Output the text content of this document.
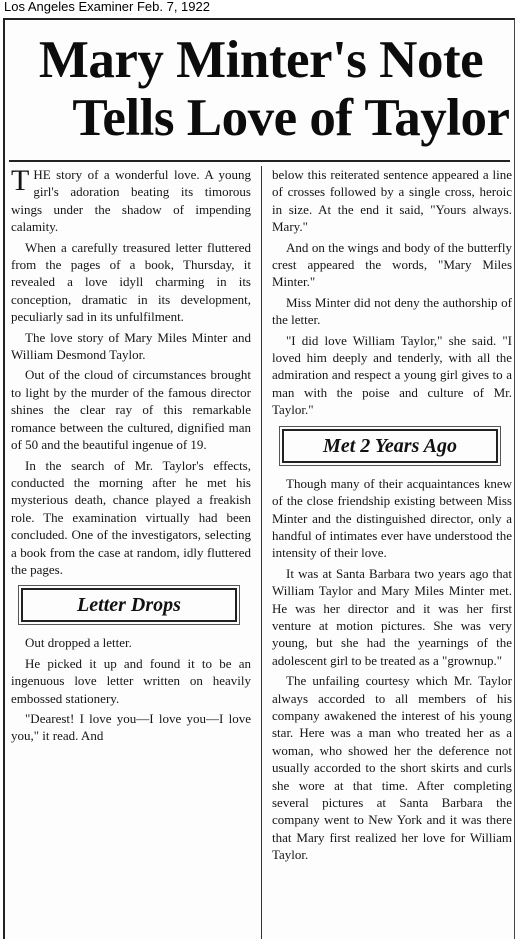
Los Angeles Examiner Feb. 7, 1922
Mary Minter's Note
Tells Love of Taylor

THE story of a wonderful love. A young girl's adoration beating its timorous wings under the shadow of impending calamity.

When a carefully treasured letter fluttered from the pages of a book, Thursday, it revealed a love idyll charming in its conception, dramatic in its development, peculiarly sad in its unfulfilment.

The love story of Mary Miles Minter and William Desmond Taylor.

Out of the cloud of circumstances brought to light by the murder of the famous director shines the clear ray of this remarkable romance between the cultured, dignified man of 50 and the beautiful ingenue of 19.

In the search of Mr. Taylor's effects, conducted the morning after he met his mysterious death, chance played a freakish role. The examination virtually had been concluded. One of the investigators, selecting a book from the case at random, idly fluttered the pages.

Letter Drops

Out dropped a letter.

He picked it up and found it to be an ingenuous love letter written on heavily embossed stationery.

"Dearest! I love you—I love you—I love you," it read. And

below this reiterated sentence appeared a line of crosses followed by a single cross, heroic in size. At the end it said, "Yours always. Mary."

And on the wings and body of the butterfly crest appeared the words, "Mary Miles Minter."

Miss Minter did not deny the authorship of the letter.

"I did love William Taylor," she said. "I loved him deeply and tenderly, with all the admiration and respect a young girl gives to a man with the poise and culture of Mr. Taylor."

Met 2 Years Ago

Though many of their acquaintances knew of the close friendship existing between Miss Minter and the distinguished director, only a handful of intimates ever have understood the intensity of their love.

It was at Santa Barbara two years ago that William Taylor and Mary Miles Minter met. He was her director and it was her first venture at motion pictures. She was very young, but she had the yearnings of the adolescent girl to be treated as a "grownup."

The unfailing courtesy which Mr. Taylor always accorded to all members of his company awakened the interest of his young star. Here was a man who treated her as a woman, who showed her the deference not usually accorded to the short skirts and curls she wore at that time. After completing several pictures at Santa Barbara the company went to New York and it was there that Mary first realized her love for William Taylor.
